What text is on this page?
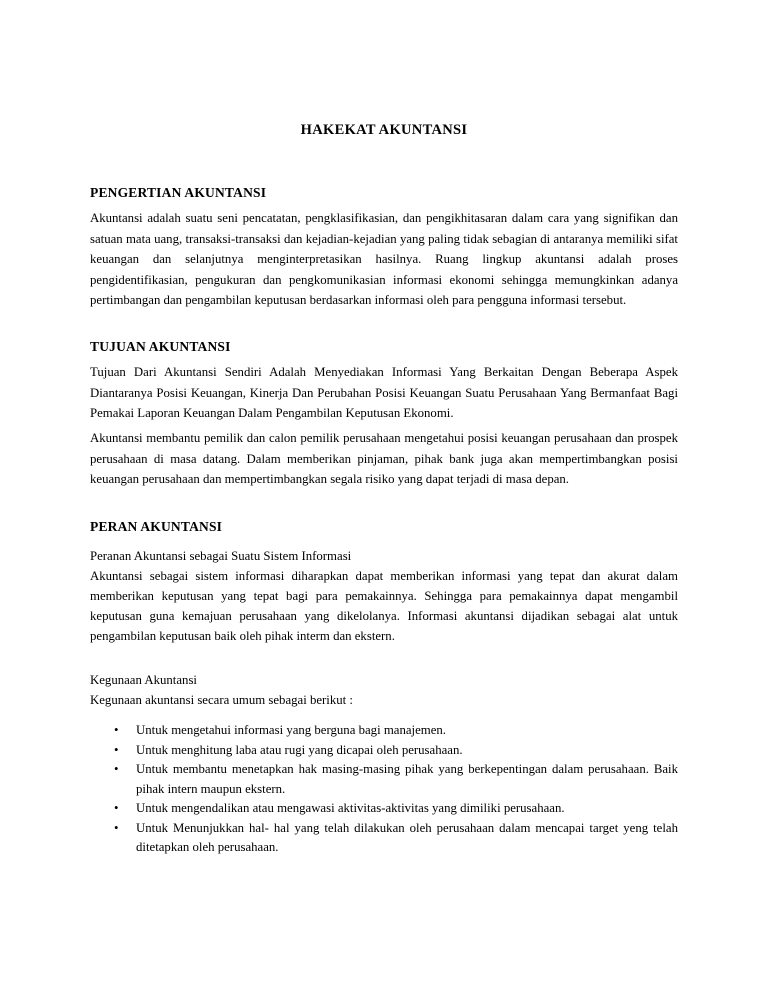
HAKEKAT AKUNTANSI
PENGERTIAN AKUNTANSI
Akuntansi adalah suatu seni pencatatan, pengklasifikasian, dan pengikhitasaran dalam cara yang signifikan dan satuan mata uang, transaksi-transaksi dan kejadian-kejadian yang paling tidak sebagian di antaranya memiliki sifat keuangan dan selanjutnya menginterpretasikan hasilnya. Ruang lingkup akuntansi adalah proses pengidentifikasian, pengukuran dan pengkomunikasian informasi ekonomi sehingga memungkinkan adanya pertimbangan dan pengambilan keputusan berdasarkan informasi oleh para pengguna informasi tersebut.
TUJUAN AKUNTANSI
Tujuan Dari Akuntansi Sendiri Adalah Menyediakan Informasi Yang Berkaitan Dengan Beberapa Aspek Diantaranya Posisi Keuangan, Kinerja Dan Perubahan Posisi Keuangan Suatu Perusahaan Yang Bermanfaat Bagi Pemakai Laporan Keuangan Dalam Pengambilan Keputusan Ekonomi.
Akuntansi membantu pemilik dan calon pemilik perusahaan mengetahui posisi keuangan perusahaan dan prospek perusahaan di masa datang. Dalam memberikan pinjaman, pihak bank juga akan mempertimbangkan posisi keuangan perusahaan dan mempertimbangkan segala risiko yang dapat terjadi di masa depan.
PERAN AKUNTANSI
Peranan Akuntansi sebagai Suatu Sistem Informasi
Akuntansi sebagai sistem informasi diharapkan dapat memberikan informasi yang tepat dan akurat dalam memberikan keputusan yang tepat bagi para pemakainnya. Sehingga para pemakainnya dapat mengambil keputusan guna kemajuan perusahaan yang dikelolanya. Informasi akuntansi dijadikan sebagai alat untuk pengambilan keputusan baik oleh pihak interm dan ekstern.
Kegunaan Akuntansi
Kegunaan akuntansi secara umum sebagai berikut :
• Untuk mengetahui informasi yang berguna bagi manajemen.
• Untuk menghitung laba atau rugi yang dicapai oleh perusahaan.
• Untuk membantu menetapkan hak masing-masing pihak yang berkepentingan dalam perusahaan. Baik pihak intern maupun ekstern.
• Untuk mengendalikan atau mengawasi aktivitas-aktivitas yang dimiliki perusahaan.
• Untuk Menunjukkan hal- hal yang telah dilakukan oleh perusahaan dalam mencapai target yeng telah ditetapkan oleh perusahaan.
